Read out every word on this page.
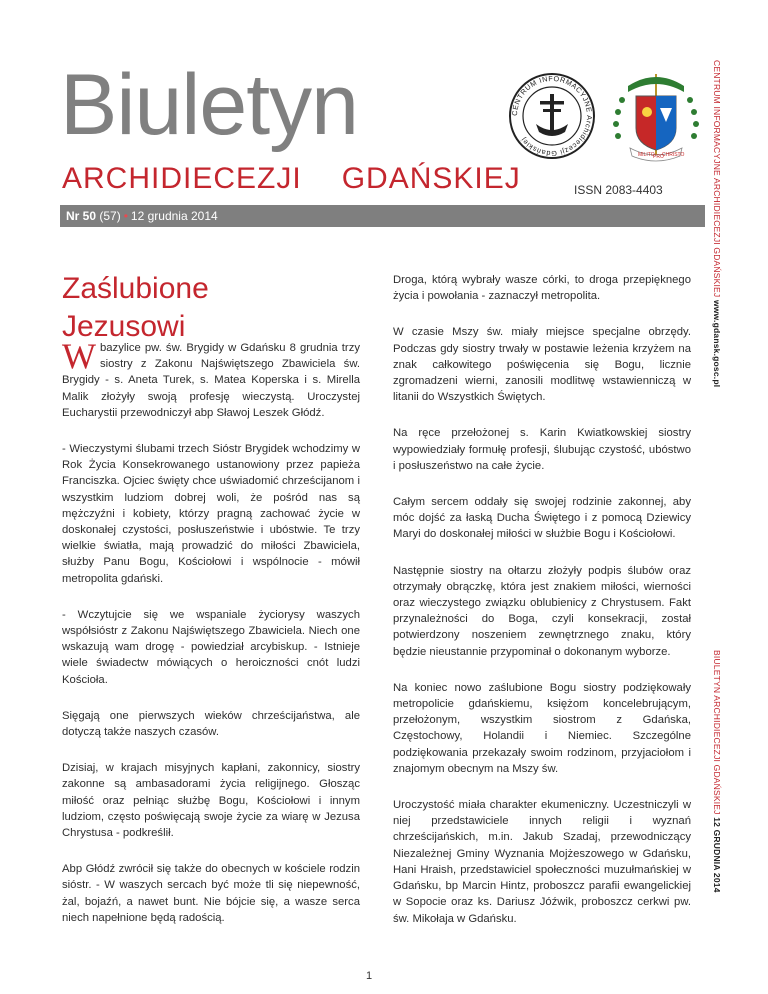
Biuletyn
ARCHIDIECEZJI GDAŃSKIEJ
CENTRUM INFORMACYJNE Archidiecezji Gdańskiej
MILITO
PRO
CHRISTO
ISSN 2083-4403
Nr 50 (57) • 12 grudnia 2014	CENTRUM INFORMACYJNE ARCHIDIECEZJI GDAŃSKIEJ www.gdansk.gosc.pl
BIULETYN ARCHIDIECEZJI GDAŃSKIEJ 12 GRUDNIA 2014
Zaślubione
Jezusowi

Wbazylice pw. św. Brygidy w Gdańsku 8 grudnia trzy siostry z Zakonu Najświętszego Zbawiciela św. Brygidy - s. Aneta Turek, s. Matea Koperska i s. Mirella Malik złożyły swoją profesję wieczystą. Uroczystej Eucharystii przewodniczył abp Sławoj Leszek Głódź.

- Wieczystymi ślubami trzech Sióstr Brygidek wchodzimy w Rok Życia Konsekrowanego ustanowiony przez papieża Franciszka. Ojciec święty chce uświadomić chrześcijanom i wszystkim ludziom dobrej woli, że pośród nas są mężczyźni i kobiety, którzy pragną zachować życie w doskonałej czystości, posłuszeństwie i ubóstwie. Te trzy wielkie światła, mają prowadzić do miłości Zbawiciela, służby Panu Bogu, Kościołowi i wspólnocie - mówił metropolita gdański.

- Wczytujcie się we wspaniale życiorysy waszych współsióstr z Zakonu Najświętszego Zbawiciela. Niech one wskazują wam drogę - powiedział arcybiskup. - Istnieje wiele świadectw mówiących o heroiczności cnót ludzi Kościoła.

Sięgają one pierwszych wieków chrześcijaństwa, ale dotyczą także naszych czasów.

Dzisiaj, w krajach misyjnych kapłani, zakonnicy, siostry zakonne są ambasadorami życia religijnego. Głosząc miłość oraz pełniąc służbę Bogu, Kościołowi i innym ludziom, często poświęcają swoje życie za wiarę w Jezusa Chrystusa - podkreślił.

Abp Głódź zwrócił się także do obecnych w kościele rodzin sióstr. - W waszych sercach być może tli się niepewność, żal, bojaźń, a nawet bunt. Nie bójcie się, a wasze serca niech napełnione będą radością.

Droga, którą wybrały wasze córki, to droga przepięknego życia i powołania - zaznaczył metropolita.

W czasie Mszy św. miały miejsce specjalne obrzędy. Podczas gdy siostry trwały w postawie leżenia krzyżem na znak całkowitego poświęcenia się Bogu, licznie zgromadzeni wierni, zanosili modlitwę wstawienniczą w litanii do Wszystkich Świętych.

Na ręce przełożonej s. Karin Kwiatkowskiej siostry wypowiedziały formułę profesji, ślubując czystość, ubóstwo i posłuszeństwo na całe życie.

Całym sercem oddały się swojej rodzinie zakonnej, aby móc dojść za łaską Ducha Świętego i z pomocą Dziewicy Maryi do doskonałej miłości w służbie Bogu i Kościołowi.

Następnie siostry na ołtarzu złożyły podpis ślubów oraz otrzymały obrączkę, która jest znakiem miłości, wierności oraz wieczystego związku oblubienicy z Chrystusem. Fakt przynależności do Boga, czyli konsekracji, został potwierdzony noszeniem zewnętrznego znaku, który będzie nieustannie przypominał o dokonanym wyborze.

Na koniec nowo zaślubione Bogu siostry podziękowały metropolicie gdańskiemu, księżom koncelebrującym, przełożonym, wszystkim siostrom z Gdańska, Częstochowy, Holandii i Niemiec. Szczególne podziękowania przekazały swoim rodzinom, przyjaciołom i znajomym obecnym na Mszy św.

Uroczystość miała charakter ekumeniczny. Uczestniczyli w niej przedstawiciele innych religii i wyznań chrześcijańskich, m.in. Jakub Szadaj, przewodniczący Niezależnej Gminy Wyznania Mojżeszowego w Gdańsku, Hani Hraish, przedstawiciel społeczności muzułmańskiej w Gdańsku, bp Marcin Hintz, proboszcz parafii ewangelickiej w Sopocie oraz ks. Dariusz Jóźwik, proboszcz cerkwi pw. św. Mikołaja w Gdańsku.

1
